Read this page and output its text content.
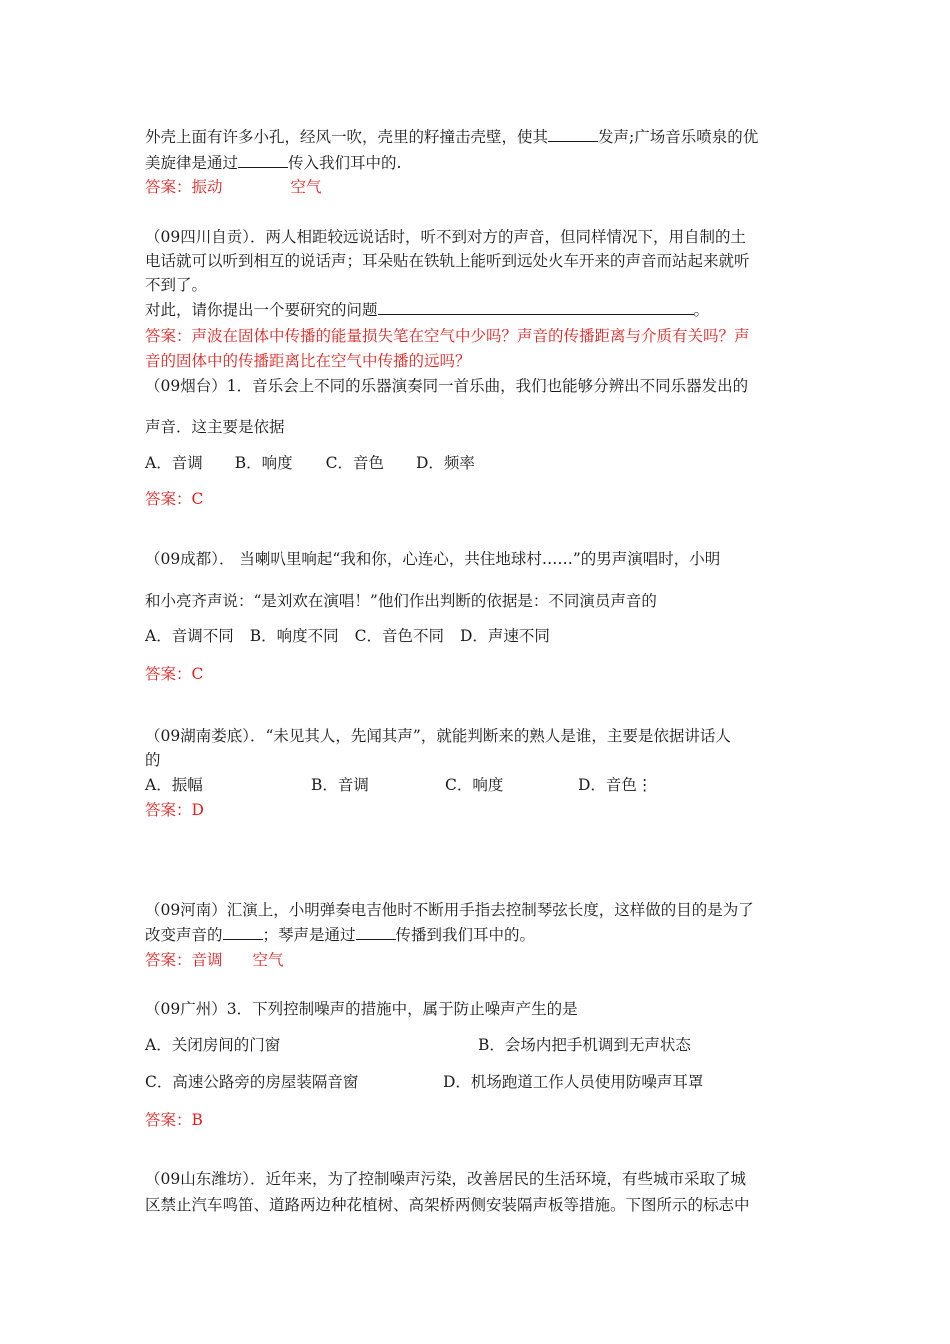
外壳上面有许多小孔，经风一吹，壳里的籽撞击壳壁，使其	发声;广场音乐喷泉的优
美旋律是通过	传入我们耳中的.
答案：振动	空气
（09四川自贡）．两人相距较远说话时，听不到对方的声音，但同样情况下，用自制的土
电话就可以听到相互的说话声；耳朵贴在铁轨上能听到远处火车开来的声音而站起来就听
不到了。
对此，请你提出一个要研究的问题	。
答案：声波在固体中传播的能量损失笔在空气中少吗？声音的传播距离与介质有关吗？声
音的固体中的传播距离比在空气中传播的远吗？
（09烟台）1．音乐会上不同的乐器演奏同一首乐曲，我们也能够分辨出不同乐器发出的
声音．这主要是依据
A．音调 B．响度 C．音色 D．频率
答案：C
（09成都）． 当喇叭里响起“我和你，心连心，共住地球村……”的男声演唱时，小明
和小亮齐声说：“是刘欢在演唱！”他们作出判断的依据是：不同演员声音的
A．音调不同 B．响度不同 C．音色不同 D．声速不同
答案：C
（09湖南娄底）．“未见其人，先闻其声”，就能判断来的熟人是谁，主要是依据讲话人
的
A．振幅	B．音调	C．响度	D．音色⋮
答案：D
（09河南）汇演上，小明弹奏电吉他时不断用手指去控制琴弦长度，这样做的目的是为了
改变声音的	；琴声是通过	传播到我们耳中的。
答案：音调 空气
（09广州）3．下列控制噪声的措施中，属于防止噪声产生的是
A．关闭房间的门窗	B．会场内把手机调到无声状态
C．高速公路旁的房屋装隔音窗	D．机场跑道工作人员使用防噪声耳罩
答案：B
（09山东潍坊）．近年来，为了控制噪声污染，改善居民的生活环境，有些城市采取了城
区禁止汽车鸣笛、道路两边种花植树、高架桥两侧安装隔声板等措施。下图所示的标志中
